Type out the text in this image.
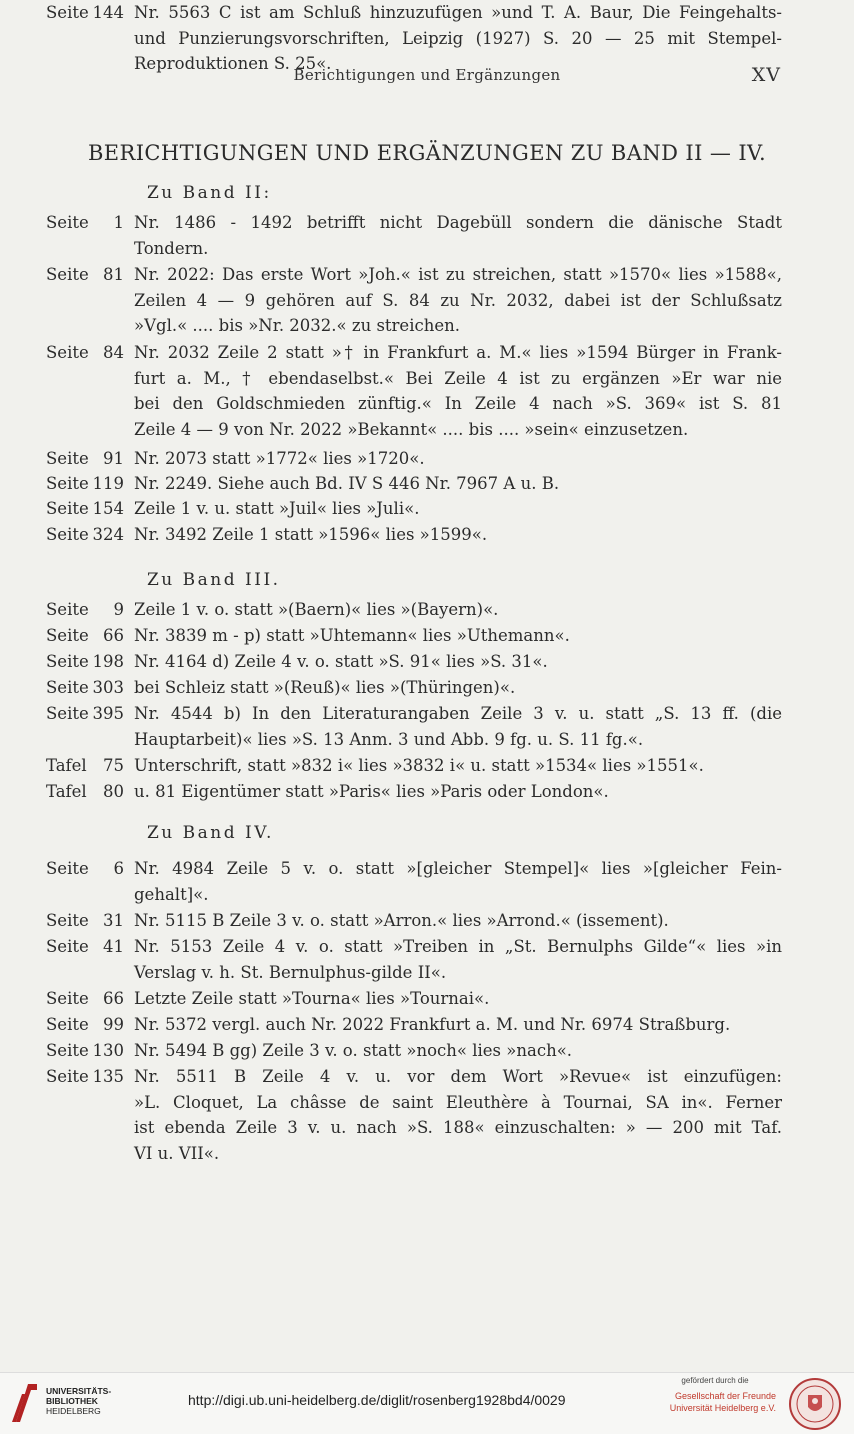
Berichtigungen und Ergänzungen	XV
BERICHTIGUNGEN UND ERGÄNZUNGEN ZU BAND II — IV.
Zu Band II:
Seite 1 Nr. 1486 - 1492 betrifft nicht Dagebüll sondern die dänische Stadt
Tondern.
Seite 81 Nr. 2022: Das erste Wort »Joh.« ist zu streichen, statt »1570« lies »1588«,
Zeilen 4 — 9 gehören auf S. 84 zu Nr. 2032, dabei ist der Schlußsatz
»Vgl.« .... bis »Nr. 2032.« zu streichen.
Seite 84 Nr. 2032 Zeile 2 statt »† in Frankfurt a. M.« lies »1594 Bürger in Frank-
furt a. M., † ebendaselbst.« Bei Zeile 4 ist zu ergänzen »Er war nie
bei den Goldschmieden zünftig.« In Zeile 4 nach »S. 369« ist S. 81
Zeile 4 — 9 von Nr. 2022 »Bekannt« .... bis .... »sein« einzusetzen.
Seite 91 Nr. 2073 statt »1772« lies »1720«.
Seite 119 Nr. 2249. Siehe auch Bd. IV S 446 Nr. 7967 A u. B.
Seite 154 Zeile 1 v. u. statt »Juil« lies »Juli«.
Seite 324 Nr. 3492 Zeile 1 statt »1596« lies »1599«.
Zu Band III.
Seite 9 Zeile 1 v. o. statt »(Baern)« lies »(Bayern)«.
Seite 66 Nr. 3839 m - p) statt »Uhtemann« lies »Uthemann«.
Seite 198 Nr. 4164 d) Zeile 4 v. o. statt »S. 91« lies »S. 31«.
Seite 303 bei Schleiz statt »(Reuß)« lies »(Thüringen)«.
Seite 395 Nr. 4544 b) In den Literaturangaben Zeile 3 v. u. statt „S. 13 ff. (die
Hauptarbeit)« lies »S. 13 Anm. 3 und Abb. 9 fg. u. S. 11 fg.«.
Tafel 75 Unterschrift, statt »832 i« lies »3832 i« u. statt »1534« lies »1551«.
Tafel 80 u. 81 Eigentümer statt »Paris« lies »Paris oder London«.
Zu Band IV.
Seite 6 Nr. 4984 Zeile 5 v. o. statt »[gleicher Stempel]« lies »[gleicher Fein-
gehalt]«.
Seite 31 Nr. 5115 B Zeile 3 v. o. statt »Arron.« lies »Arrond.« (issement).
Seite 41 Nr. 5153 Zeile 4 v. o. statt »Treiben in „St. Bernulphs Gilde“« lies »in
Verslag v. h. St. Bernulphus-gilde II«.
Seite 66 Letzte Zeile statt »Tourna« lies »Tournai«.
Seite 99 Nr. 5372 vergl. auch Nr. 2022 Frankfurt a. M. und Nr. 6974 Straßburg.
Seite 130 Nr. 5494 B gg) Zeile 3 v. o. statt »noch« lies »nach«.
Seite 135 Nr. 5511 B Zeile 4 v. u. vor dem Wort »Revue« ist einzufügen:
»L. Cloquet, La châsse de saint Eleuthère à Tournai, SA in«. Ferner
ist ebenda Zeile 3 v. u. nach »S. 188« einzuschalten: » — 200 mit Taf.
VI u. VII«.
Seite 144 Nr. 5563 C ist am Schluß hinzuzufügen »und T. A. Baur, Die Feingehalts-
und Punzierungsvorschriften, Leipzig (1927) S. 20 — 25 mit Stempel-
Reproduktionen S. 25«.
UNIVERSITÄTS-
BIBLIOTHEK
HEIDELBERG
http://digi.ub.uni-heidelberg.de/diglit/rosenberg1928bd4/0029
gefördert durch die
Gesellschaft der Freunde
Universität Heidelberg e.V.
